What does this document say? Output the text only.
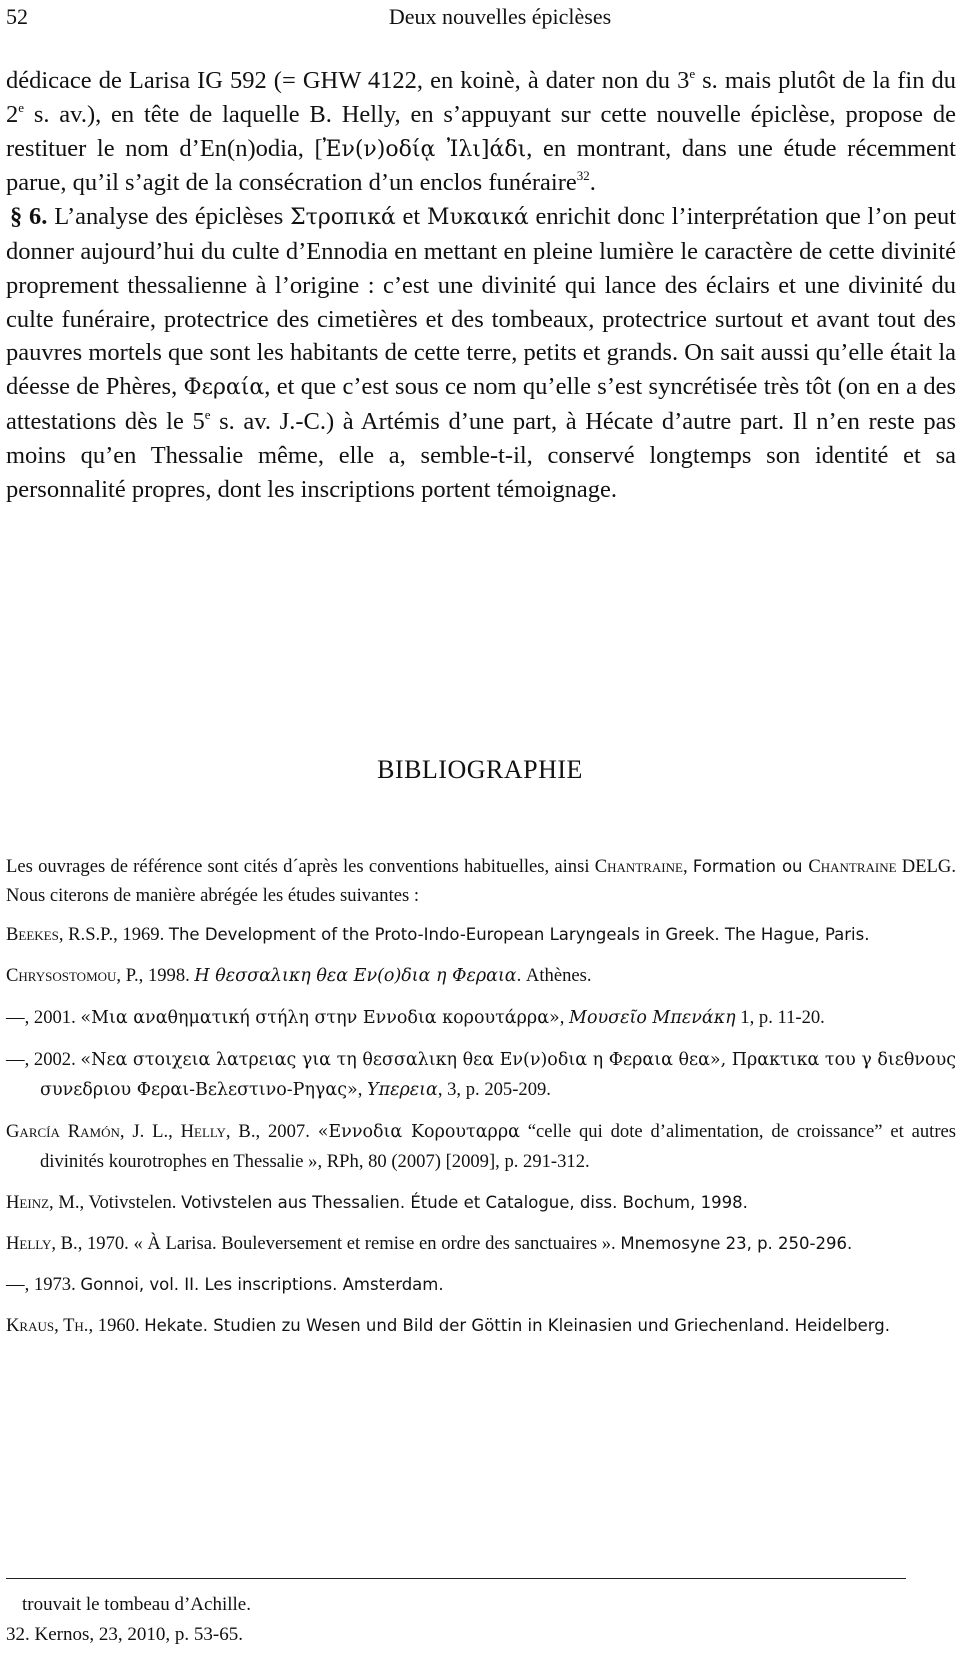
52	Deux nouvelles épiclèses

dédicace de Larisa IG 592 (= GHW 4122, en koinè, à dater non du 3e s. mais plutôt de la fin du 2e s. av.), en tête de laquelle B. Helly, en s’appuyant sur cette nouvelle épiclèse, propose de restituer le nom d’En(n)odia, [Ἐν(ν)οδίᾳ Ἰλι]άδι, en montrant, dans une étude récemment parue, qu’il s’agit de la consécration d’un enclos funéraire$^{32}$.

§ 6. L’analyse des épiclèses Στροπικά et Μυκαικά enrichit donc l’interprétation que l’on peut donner aujourd’hui du culte d’Ennodia en mettant en pleine lumière le caractère de cette divinité proprement thessalienne à l’origine : c’est une divinité qui lance des éclairs et une divinité du culte funéraire, protectrice des cimetières et des tombeaux, protectrice surtout et avant tout des pauvres mortels que sont les habitants de cette terre, petits et grands. On sait aussi qu’elle était la déesse de Phères, Φεραία, et que c’est sous ce nom qu’elle s’est syncrétisée très tôt (on en a des attestations dès le 5e s. av. J.-C.) à Artémis d’une part, à Hécate d’autre part. Il n’en reste pas moins qu’en Thessalie même, elle a, semble-t-il, conservé longtemps son identité et sa personnalité propres, dont les inscriptions portent témoignage.

BIBLIOGRAPHIE

Les ouvrages de référence sont cités d´après les conventions habituelles, ainsi Chantraine, Formation ou Chantraine DELG. Nous citerons de manière abrégée les études suivantes :

Beekes, R.S.P., 1969. The Development of the Proto-Indo-European Laryngeals in Greek. The Hague, Paris.

Chrysostomou, P., 1998. Η θεσσαλικη θεα Εν(ο)δια η Φεραια. Athènes.

—, 2001. «Μια αναθηματική στήλη στην Εννοδια κορουτάρρα», Μουσεῖο Μπενάκη 1, p. 11-20.

—, 2002. «Νεα στοιχεια λατρειας για τη θεσσαλικη θεα Εν(ν)οδια η Φεραια θεα», Πρακτικα του γ διεθνους συνεδριου Φεραι-Βελεστινο-Ρηγας», Υπερεια, 3, p. 205-209.

García Ramón, J. L., Helly, B., 2007. «Εννοδια Κορουταρρα “celle qui dote d’alimentation, de croissance” et autres divinités kourotrophes en Thessalie », RPh, 80 (2007) [2009], p. 291-312.

Heinz, M., Votivstelen. Votivstelen aus Thessalien. Étude et Catalogue, diss. Bochum, 1998.

Helly, B., 1970. « À Larisa. Bouleversement et remise en ordre des sanctuaires ». Mnemosyne 23, p. 250-296.

—, 1973. Gonnoi, vol. II. Les inscriptions. Amsterdam.

Kraus, Th., 1960. Hekate. Studien zu Wesen und Bild der Göttin in Kleinasien und Griechenland. Heidelberg.

trouvait le tombeau d’Achille.
32. Kernos, 23, 2010, p. 53-65.
